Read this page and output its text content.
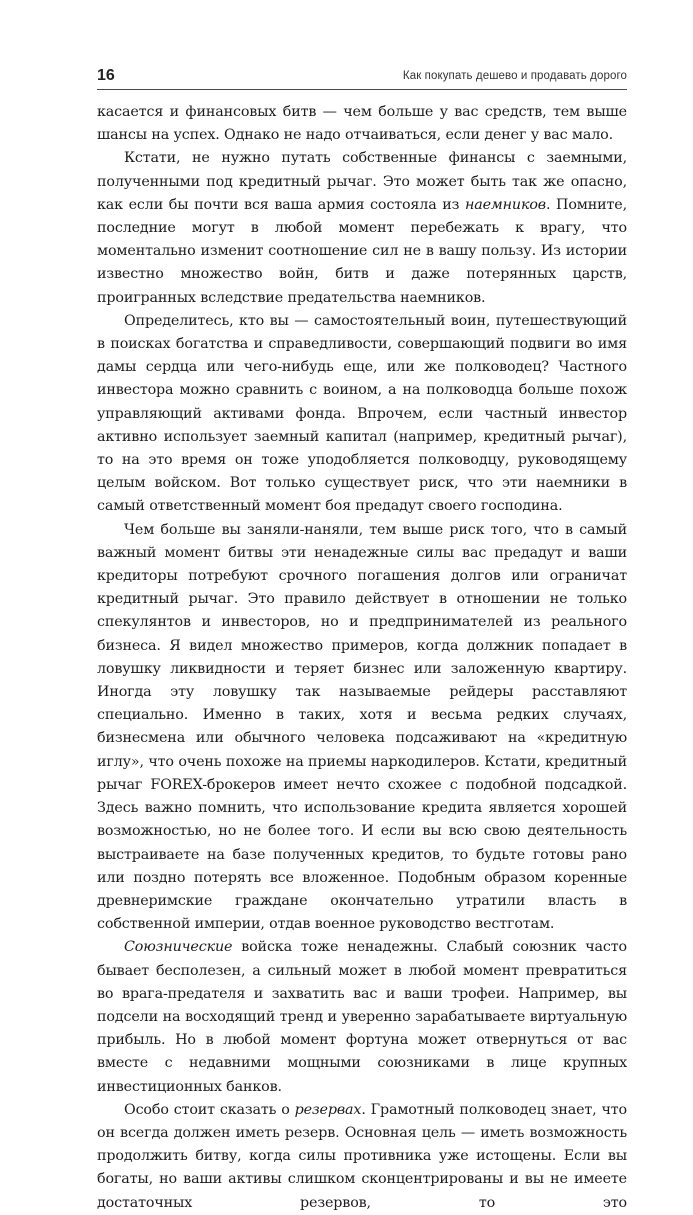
16	Как покупать дешево и продавать дорого

касается и финансовых битв — чем больше у вас средств, тем выше шансы на успех. Однако не надо отчаиваться, если денег у вас мало.

Кстати, не нужно путать собственные финансы с заемными, полученными под кредитный рычаг. Это может быть так же опасно, как если бы почти вся ваша армия состояла из наемников. Помните, последние могут в любой момент перебежать к врагу, что моментально изменит соотношение сил не в вашу пользу. Из истории известно множество войн, битв и даже потерянных царств, проигранных вследствие предательства наемников.

Определитесь, кто вы — самостоятельный воин, путешествующий в поисках богатства и справедливости, совершающий подвиги во имя дамы сердца или чего-нибудь еще, или же полководец? Частного инвестора можно сравнить с воином, а на полководца больше похож управляющий активами фонда. Впрочем, если частный инвестор активно использует заемный капитал (например, кредитный рычаг), то на это время он тоже уподобляется полководцу, руководящему целым войском. Вот только существует риск, что эти наемники в самый ответственный момент боя предадут своего господина.

Чем больше вы заняли-наняли, тем выше риск того, что в самый важный момент битвы эти ненадежные силы вас предадут и ваши кредиторы потребуют срочного погашения долгов или ограничат кредитный рычаг. Это правило действует в отношении не только спекулянтов и инвесторов, но и предпринимателей из реального бизнеса. Я видел множество примеров, когда должник попадает в ловушку ликвидности и теряет бизнес или заложенную квартиру. Иногда эту ловушку так называемые рейдеры расставляют специально. Именно в таких, хотя и весьма редких случаях, бизнесмена или обычного человека подсаживают на «кредитную иглу», что очень похоже на приемы наркодилеров. Кстати, кредитный рычаг FOREX-брокеров имеет нечто схожее с подобной подсадкой. Здесь важно помнить, что использование кредита является хорошей возможностью, но не более того. И если вы всю свою деятельность выстраиваете на базе полученных кредитов, то будьте готовы рано или поздно потерять все вложенное. Подобным образом коренные древнеримские граждане окончательно утратили власть в собственной империи, отдав военное руководство вестготам.

Союзнические войска тоже ненадежны. Слабый союзник часто бывает бесполезен, а сильный может в любой момент превратиться во врага-предателя и захватить вас и ваши трофеи. Например, вы подсели на восходящий тренд и уверенно зарабатываете виртуальную прибыль. Но в любой момент фортуна может отвернуться от вас вместе с недавними мощными союзниками в лице крупных инвестиционных банков.

Особо стоит сказать о резервах. Грамотный полководец знает, что он всегда должен иметь резерв. Основная цель — иметь возможность продолжить битву, когда силы противника уже истощены. Если вы богаты, но ваши активы слишком сконцентрированы и вы не имеете достаточных резервов, то это
